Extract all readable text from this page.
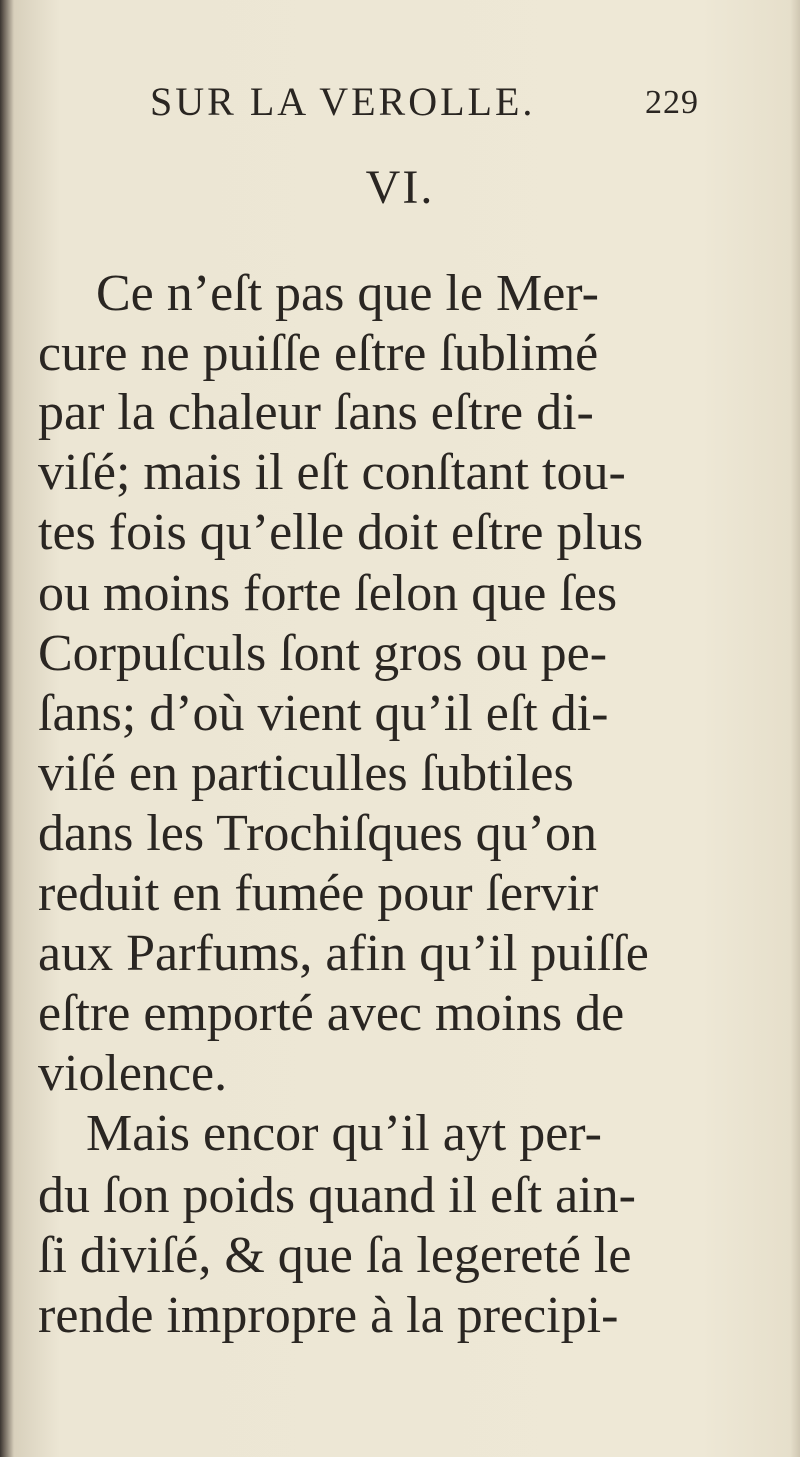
SUR LA VEROLLE.	229
VI.
Ce n’eſt pas que le Mer-
cure ne puiſſe eſtre ſublimé
par la chaleur ſans eſtre di-
viſé; mais il eſt conſtant tou-
tes fois qu’elle doit eſtre plus
ou moins forte ſelon que ſes
Corpuſculs ſont gros ou pe-
ſans; d’où vient qu’il eſt di-
viſé en particulles ſubtiles
dans les Trochiſques qu’on
reduit en fumée pour ſervir
aux Parfums, afin qu’il puiſſe
eſtre emporté avec moins de
violence.
Mais encor qu’il ayt per-
du ſon poids quand il eſt ain-
ſi diviſé, & que ſa legereté le
rende impropre à la precipi-
